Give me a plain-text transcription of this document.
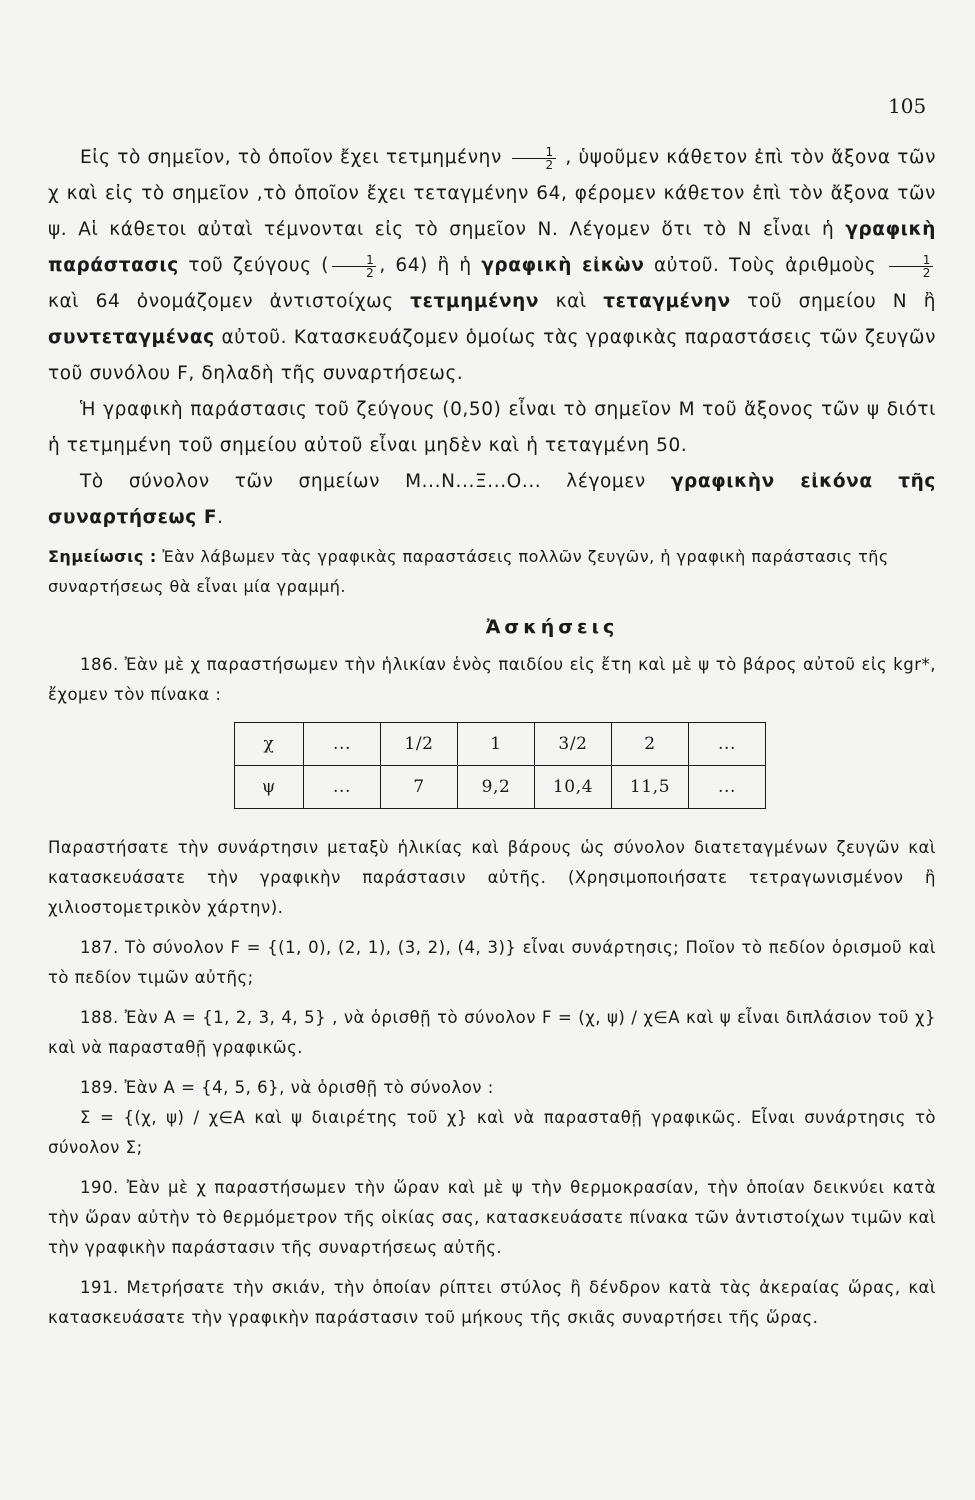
105

Εἰς τὸ σημεῖον, τὸ ὁποῖον ἔχει τετμημένην $\frac{1}{2}$ , ὑψοῦμεν κάθετον ἐπὶ τὸν ἄξονα τῶν χ καὶ εἰς τὸ σημεῖον ,τὸ ὁποῖον ἔχει τεταγμένην 64, φέρομεν κάθετον ἐπὶ τὸν ἄξονα τῶν ψ. Αἱ κάθετοι αὐταὶ τέμνονται εἰς τὸ σημεῖον Ν. Λέγομεν ὅτι τὸ Ν εἶναι ἡ γραφικὴ παράστασις τοῦ ζεύγους ( $\frac{1}{2}$ , 64) ἢ ἡ γραφικὴ εἰκὼν αὐτοῦ. Τοὺς ἀριθμοὺς $\frac{1}{2}$
καὶ 64 ὀνομάζομεν ἀντιστοίχως τετμημένην καὶ τεταγμένην τοῦ σημείου Ν ἢ συντεταγμένας αὐτοῦ. Κατασκευάζομεν ὁμοίως τὰς γραφικὰς παραστάσεις τῶν ζευγῶν τοῦ συνόλου F, δηλαδὴ τῆς συναρτήσεως.

Ἡ γραφικὴ παράστασις τοῦ ζεύγους (0,50) εἶναι τὸ σημεῖον Μ τοῦ ἄξονος τῶν ψ διότι ἡ τετμημένη τοῦ σημείου αὐτοῦ εἶναι μηδὲν καὶ ἡ τεταγμένη 50.

Τὸ σύνολον τῶν σημείων Μ...Ν...Ξ...Ο... λέγομεν γραφικὴν εἰκόνα τῆς συναρτήσεως F.

Σημείωσις : Ἐὰν λάβωμεν τὰς γραφικὰς παραστάσεις πολλῶν ζευγῶν, ἡ γραφικὴ παράστασις τῆς συναρτήσεως θὰ εἶναι μία γραμμή.

Ἀσκήσεις

186. Ἐὰν μὲ χ παραστήσωμεν τὴν ἡλικίαν ἑνὸς παιδίου εἰς ἔτη καὶ μὲ ψ τὸ βάρος αὐτοῦ εἰς kgr*, ἔχομεν τὸν πίνακα :

χ	...	1/2	1	3/2	2	...
ψ	...	7	9,2	10,4	11,5	...

Παραστήσατε τὴν συνάρτησιν μεταξὺ ἡλικίας καὶ βάρους ὡς σύνολον διατεταγμένων ζευγῶν καὶ κατασκευάσατε τὴν γραφικὴν παράστασιν αὐτῆς. (Χρησιμοποιήσατε τετραγωνισμένον ἢ χιλιοστομετρικὸν χάρτην).

187. Τὸ σύνολον F = {(1, 0), (2, 1), (3, 2), (4, 3)} εἶναι συνάρτησις; Ποῖον τὸ πεδίον ὁρισμοῦ καὶ τὸ πεδίον τιμῶν αὐτῆς;

188. Ἐὰν Α = {1, 2, 3, 4, 5} , νὰ ὁρισθῇ τὸ σύνολον F = (χ, ψ) / χ∈Α καὶ ψ εἶναι διπλάσιον τοῦ χ} καὶ νὰ παρασταθῇ γραφικῶς.

189. Ἐὰν Α = {4, 5, 6}, νὰ ὁρισθῇ τὸ σύνολον :

Σ = {(χ, ψ) / χ∈Α καὶ ψ διαιρέτης τοῦ χ} καὶ νὰ παρασταθῇ γραφικῶς. Εἶναι συνάρτησις τὸ σύνολον Σ;

190. Ἐὰν μὲ χ παραστήσωμεν τὴν ὥραν καὶ μὲ ψ τὴν θερμοκρασίαν, τὴν ὁποίαν δεικνύει κατὰ τὴν ὥραν αὐτὴν τὸ θερμόμετρον τῆς οἰκίας σας, κατασκευάσατε πίνακα τῶν ἀντιστοίχων τιμῶν καὶ τὴν γραφικὴν παράστασιν τῆς συναρτήσεως αὐτῆς.

191. Μετρήσατε τὴν σκιάν, τὴν ὁποίαν ρίπτει στύλος ἢ δένδρον κατὰ τὰς ἀκεραίας ὥρας, καὶ κατασκευάσατε τὴν γραφικὴν παράστασιν τοῦ μήκους τῆς σκιᾶς συναρτήσει τῆς ὥρας.
